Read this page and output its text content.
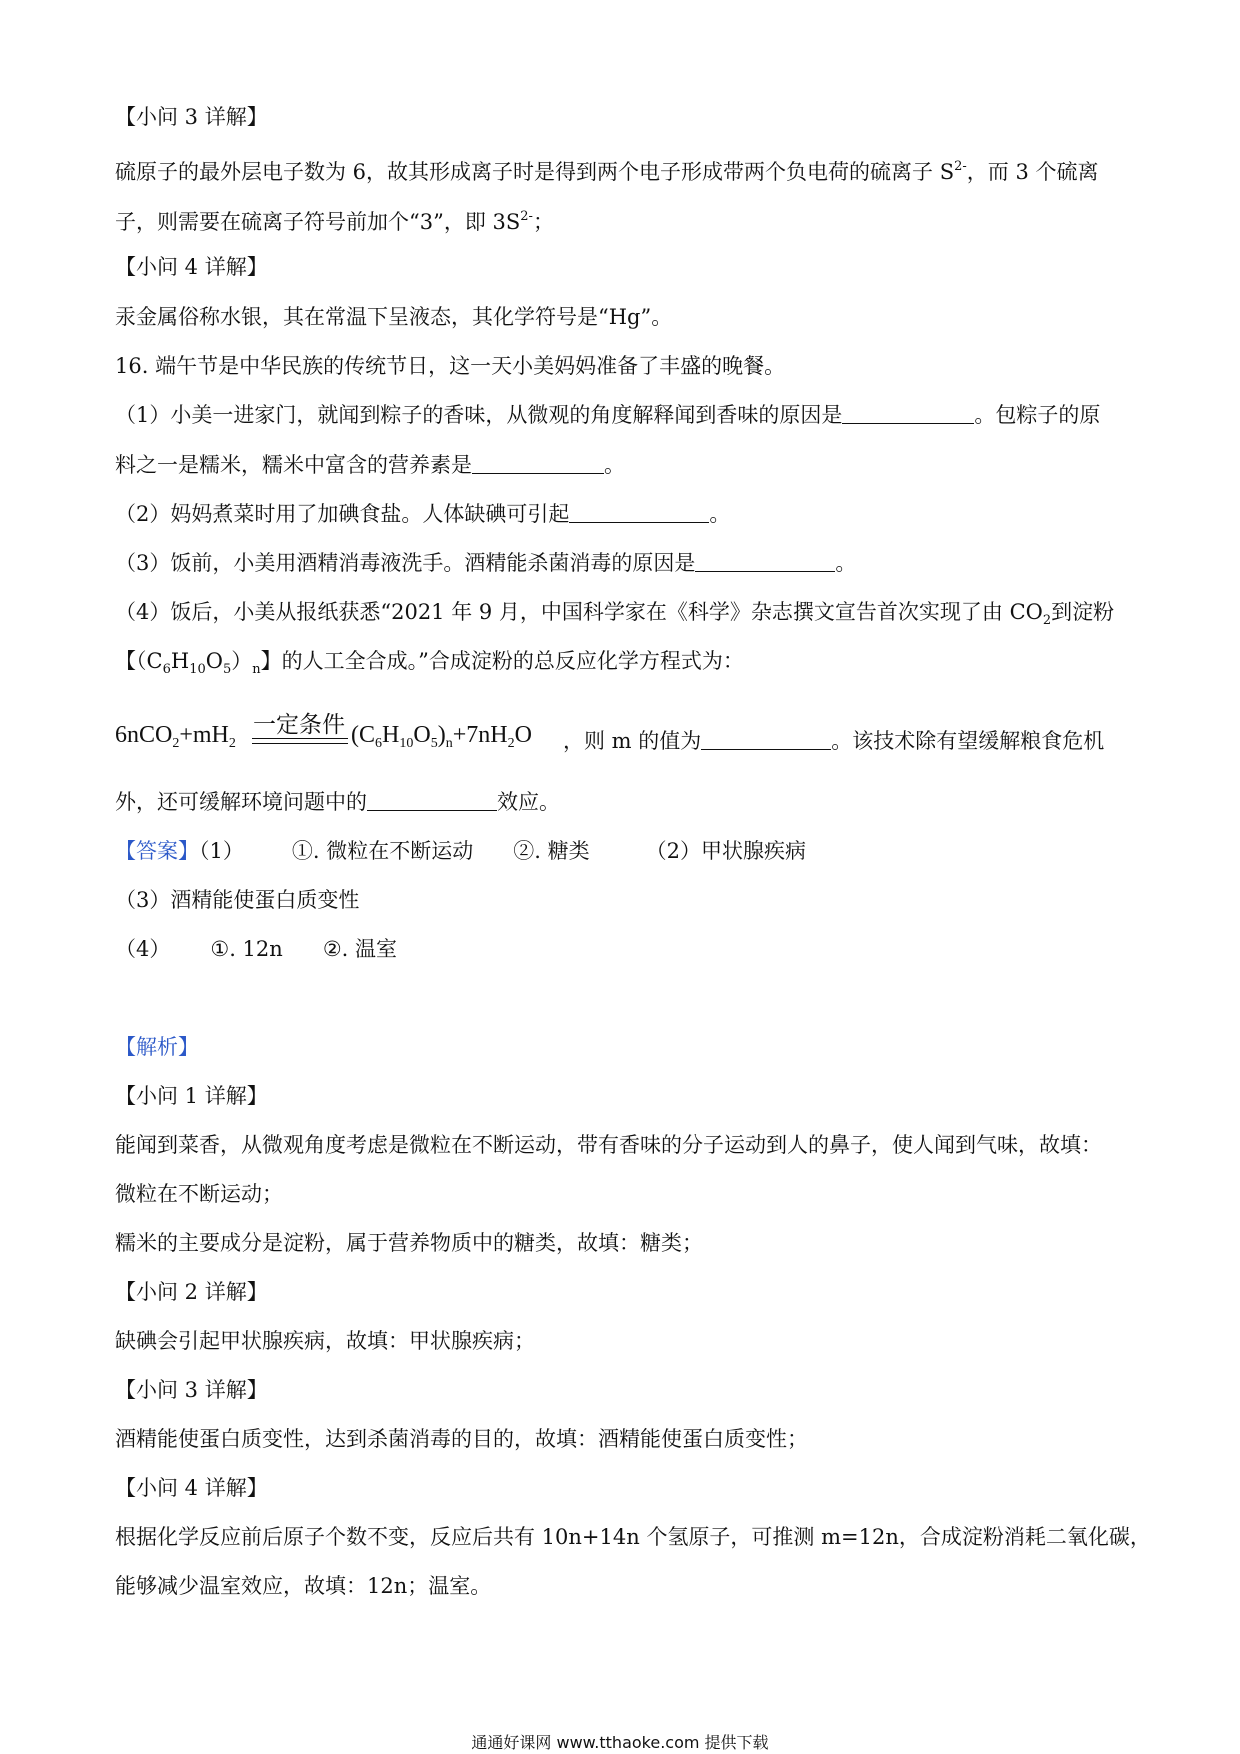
【小问 3 详解】
硫原子的最外层电子数为 6，故其形成离子时是得到两个电子形成带两个负电荷的硫离子 $S^{2-}$，而 3 个硫离
子，则需要在硫离子符号前加个“3”，即 $3S^{2-}$；
【小问 4 详解】
汞金属俗称水银，其在常温下呈液态，其化学符号是“Hg”。
16. 端午节是中华民族的传统节日，这一天小美妈妈准备了丰盛的晚餐。
（1）小美一进家门，就闻到粽子的香味，从微观的角度解释闻到香味的原因是	。包粽子的原
料之一是糯米，糯米中富含的营养素是	。
（2）妈妈煮菜时用了加碘食盐。人体缺碘可引起	。
（3）饭前，小美用酒精消毒液洗手。酒精能杀菌消毒的原因是	。
（4）饭后，小美从报纸获悉“2021 年 9 月，中国科学家在《科学》杂志撰文宣告首次实现了由 $CO_2$到淀粉
【$(C_6H_{10}O_5)_n$】的人工全合成。”合成淀粉的总反应化学方程式为：
$6nCO_2+mH_2$
一定条件 $(C_6H_{10}O_5)_n+7nH_2O$ ，则 m 的值为	。该技术除有望缓解粮食危机
外，还可缓解环境问题中的	效应。
【答案】（1） ①. 微粒在不断运动 ②. 糖类	（2）甲状腺疾病
（3）酒精能使蛋白质变性
（4） ①. 12n ②. 温室
【解析】
【小问 1 详解】
能闻到菜香，从微观角度考虑是微粒在不断运动，带有香味的分子运动到人的鼻子，使人闻到气味，故填：
微粒在不断运动；
糯米的主要成分是淀粉，属于营养物质中的糖类，故填：糖类；
【小问 2 详解】
缺碘会引起甲状腺疾病，故填：甲状腺疾病；
【小问 3 详解】
酒精能使蛋白质变性，达到杀菌消毒的目的，故填：酒精能使蛋白质变性；
【小问 4 详解】
根据化学反应前后原子个数不变，反应后共有 10n+14n 个氢原子，可推测 m=12n，合成淀粉消耗二氧化碳，
能够减少温室效应，故填：12n；温室。
通通好课网 www.tthaoke.com 提供下载
